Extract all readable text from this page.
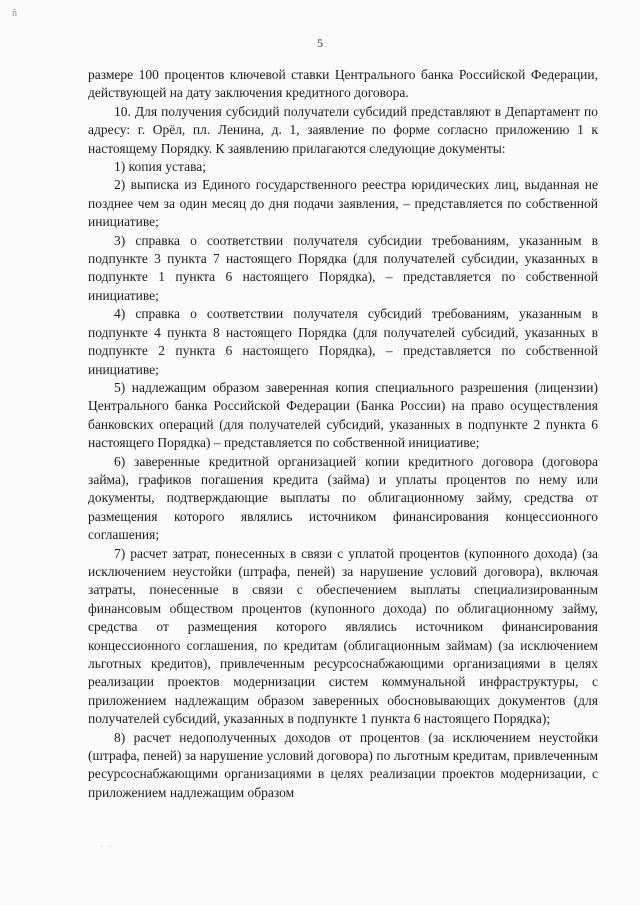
ñ
5

размере 100 процентов ключевой ставки Центрального банка Российской Федерации, действующей на дату заключения кредитного договора.

10. Для получения субсидий получатели субсидий представляют в Департамент по адресу: г. Орёл, пл. Ленина, д. 1, заявление по форме согласно приложению 1 к настоящему Порядку. К заявлению прилагаются следующие документы:

1) копия устава;

2) выписка из Единого государственного реестра юридических лиц, выданная не позднее чем за один месяц до дня подачи заявления, – представляется по собственной инициативе;

3) справка о соответствии получателя субсидии требованиям, указанным в подпункте 3 пункта 7 настоящего Порядка (для получателей субсидии, указанных в подпункте 1 пункта 6 настоящего Порядка), – представляется по собственной инициативе;

4) справка о соответствии получателя субсидий требованиям, указанным в подпункте 4 пункта 8 настоящего Порядка (для получателей субсидий, указанных в подпункте 2 пункта 6 настоящего Порядка), – представляется по собственной инициативе;

5) надлежащим образом заверенная копия специального разрешения (лицензии) Центрального банка Российской Федерации (Банка России) на право осуществления банковских операций (для получателей субсидий, указанных в подпункте 2 пункта 6 настоящего Порядка) – представляется по собственной инициативе;

6) заверенные кредитной организацией копии кредитного договора (договора займа), графиков погашения кредита (займа) и уплаты процентов по нему или документы, подтверждающие выплаты по облигационному займу, средства от размещения которого являлись источником финансирования концессионного соглашения;

7) расчет затрат, понесенных в связи с уплатой процентов (купонного дохода) (за исключением неустойки (штрафа, пеней) за нарушение условий договора), включая затраты, понесенные в связи с обеспечением выплаты специализированным финансовым обществом процентов (купонного дохода) по облигационному займу, средства от размещения которого являлись источником финансирования концессионного соглашения, по кредитам (облигационным займам) (за исключением льготных кредитов), привлеченным ресурсоснабжающими организациями в целях реализации проектов модернизации систем коммунальной инфраструктуры, с приложением надлежащим образом заверенных обосновывающих документов (для получателей субсидий, указанных в подпункте 1 пункта 6 настоящего Порядка);

8) расчет недополученных доходов от процентов (за исключением неустойки (штрафа, пеней) за нарушение условий договора) по льготным кредитам, привлеченным ресурсоснабжающими организациями в целях реализации проектов модернизации, с приложением надлежащим образом

· ·
